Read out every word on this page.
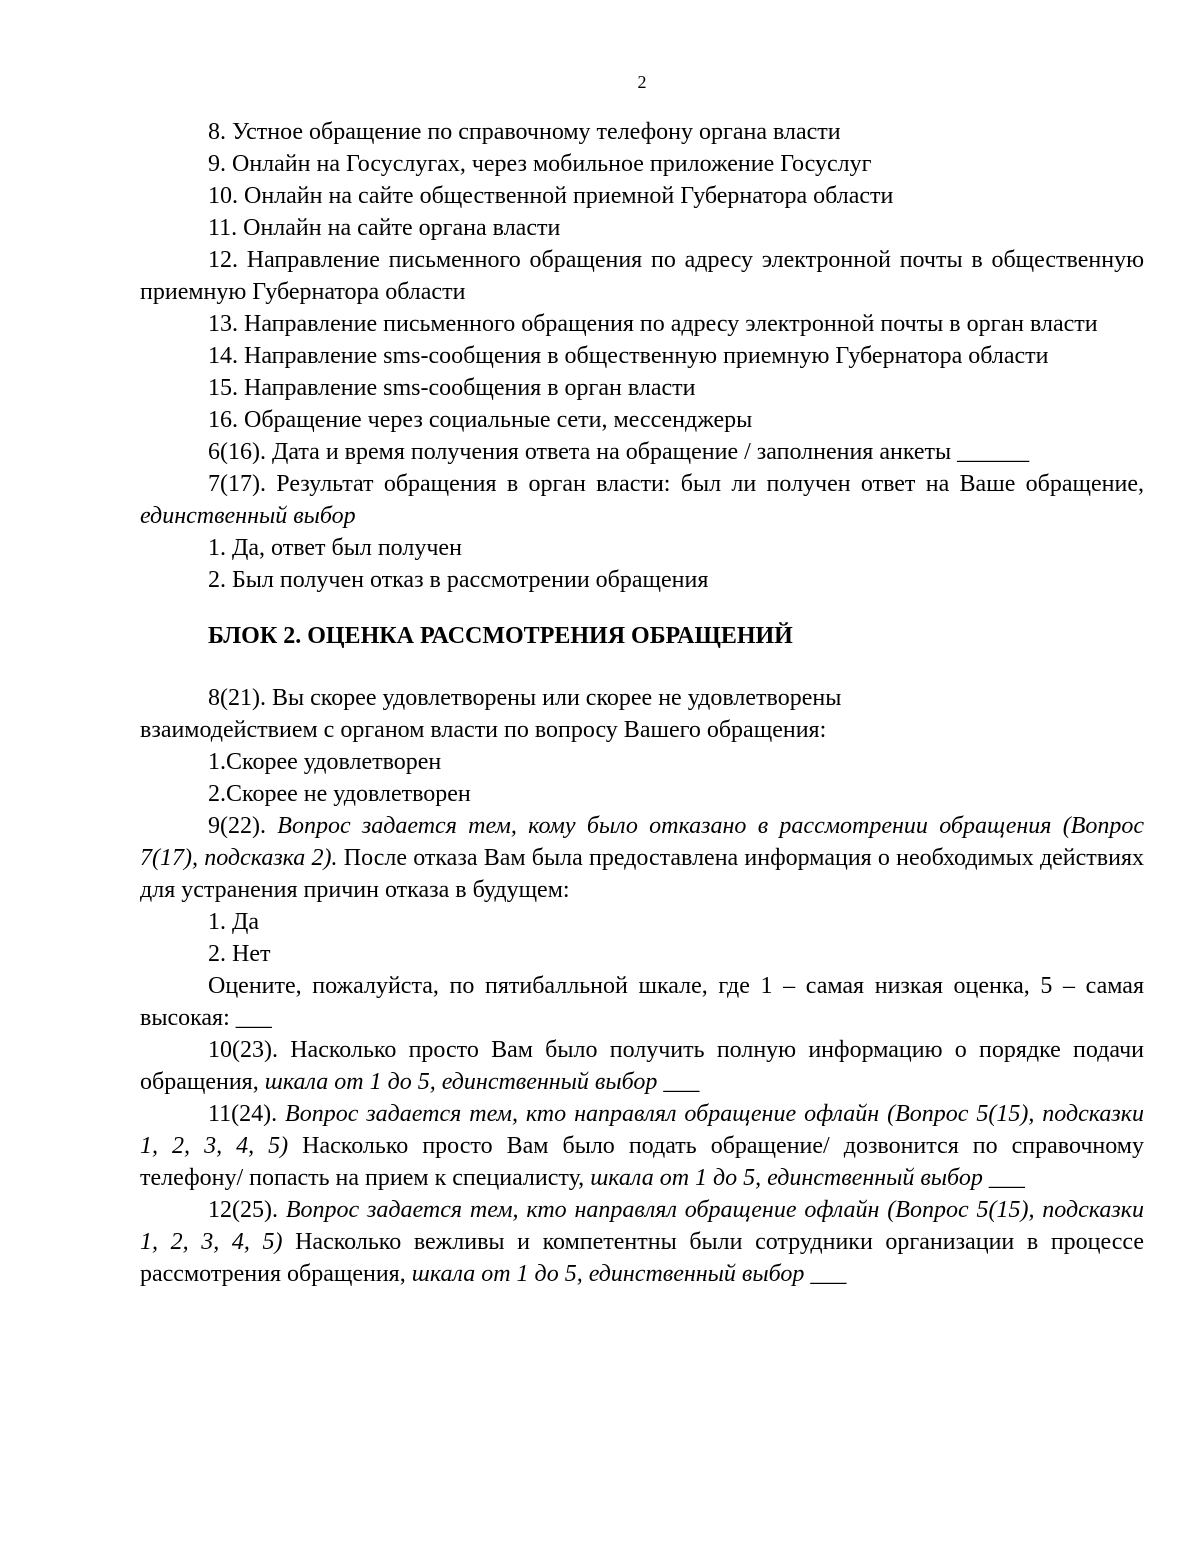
2

8. Устное обращение по справочному телефону органа власти

9. Онлайн на Госуслугах, через мобильное приложение Госуслуг

10. Онлайн на сайте общественной приемной Губернатора области

11. Онлайн на сайте органа власти

12. Направление письменного обращения по адресу электронной почты в общественную приемную Губернатора области

13. Направление письменного обращения по адресу электронной почты в орган власти

14. Направление sms-сообщения в общественную приемную Губернатора области

15. Направление sms-сообщения в орган власти

16. Обращение через социальные сети, мессенджеры

6(16). Дата и время получения ответа на обращение / заполнения анкеты ______

7(17). Результат обращения в орган власти: был ли получен ответ на Ваше обращение, единственный выбор

1. Да, ответ был получен

2. Был получен отказ в рассмотрении обращения

БЛОК 2. ОЦЕНКА РАССМОТРЕНИЯ ОБРАЩЕНИЙ

8(21). Вы скорее удовлетворены или скорее не удовлетворены взаимодействием с органом власти по вопросу Вашего обращения:

1.Скорее удовлетворен

2.Скорее не удовлетворен

9(22). Вопрос задается тем, кому было отказано в рассмотрении обращения (Вопрос 7(17), подсказка 2). После отказа Вам была предоставлена информация о необходимых действиях для устранения причин отказа в будущем:

1. Да

2. Нет

Оцените, пожалуйста, по пятибалльной шкале, где 1 – самая низкая оценка, 5 – самая высокая: ___

10(23). Насколько просто Вам было получить полную информацию о порядке подачи обращения, шкала от 1 до 5, единственный выбор ___

11(24). Вопрос задается тем, кто направлял обращение офлайн (Вопрос 5(15), подсказки 1, 2, 3, 4, 5) Насколько просто Вам было подать обращение/ дозвонится по справочному телефону/ попасть на прием к специалисту, шкала от 1 до 5, единственный выбор ___

12(25). Вопрос задается тем, кто направлял обращение офлайн (Вопрос 5(15), подсказки 1, 2, 3, 4, 5) Насколько вежливы и компетентны были сотрудники организации в процессе рассмотрения обращения, шкала от 1 до 5, единственный выбор ___
